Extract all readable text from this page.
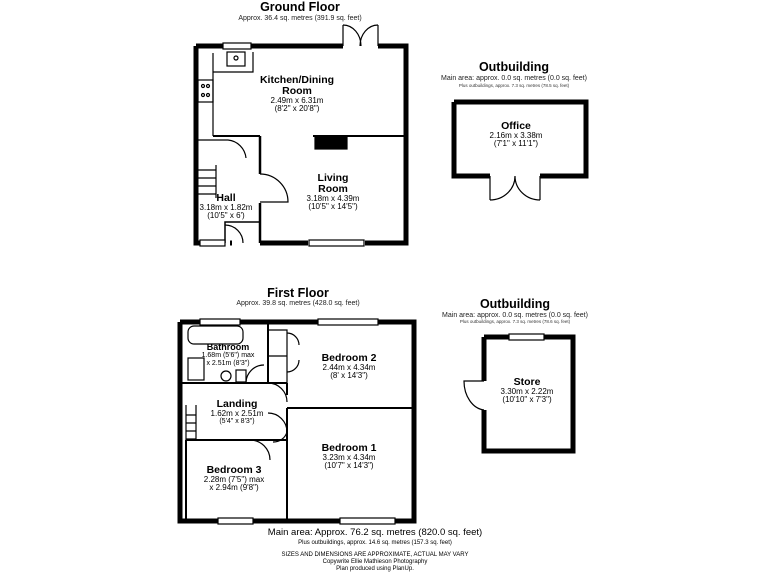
Ground Floor
Approx. 36.4 sq. metres (391.9 sq. feet)
Kitchen/Dining
Room
2.49m x 6.31m
(8'2" x 20'8")
Living
Room
3.18m x 4.39m
(10'5" x 14'5")
Hall
3.18m x 1.82m
(10'5" x 6')
Outbuilding
Main area: approx. 0.0 sq. metres (0.0 sq. feet)
Plus outbuildings, approx. 7.3 sq. metres (78.5 sq. feet)
Office
2.16m x 3.38m
(7'1" x 11'1")
First Floor
Approx. 39.8 sq. metres (428.0 sq. feet)
Bathroom
1.68m (5'6") max
x 2.51m (8'3")	Bedroom 2
2.44m x 4.34m
(8' x 14'3")
Landing
1.62m x 2.51m
(5'4" x 8'3")
Bedroom 1
3.23m x 4.34m
(10'7" x 14'3")
Bedroom 3
2.28m (7'5") max
x 2.94m (9'8")
Outbuilding
Main area: approx. 0.0 sq. metres (0.0 sq. feet)
Plus outbuildings, approx. 7.3 sq. metres (78.6 sq. feet)
Store
3.30m x 2.22m
(10'10" x 7'3")
Main area: Approx. 76.2 sq. metres (820.0 sq. feet)
Plus outbuildings, approx. 14.6 sq. metres (157.3 sq. feet)
SIZES AND DIMENSIONS ARE APPROXIMATE, ACTUAL MAY VARY
Copywrite Ellie Mathieson Photography
Plan produced using PlanUp.
